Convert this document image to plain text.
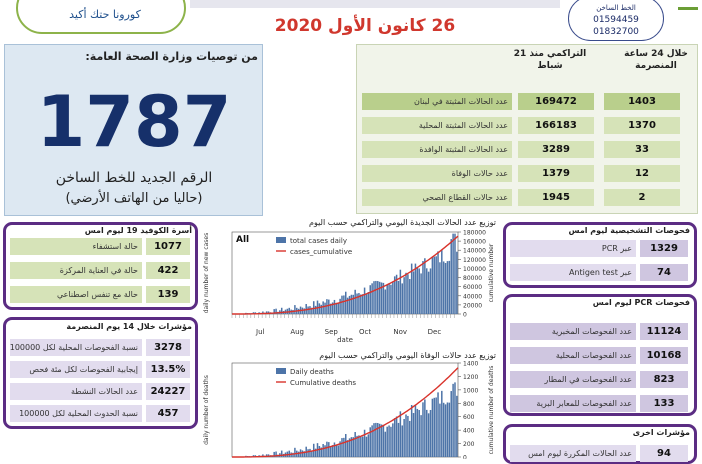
كورونا حتك أكيد
26 كانون الأول 2020
الخط الساخن
01594459
01832700
من توصيات وزارة الصحة العامة:
1787
الرقم الجديد للخط الساخن
(حاليا من الهاتف الأرضي)
خلال 24 ساعة المنصرمة
التراكمي منذ 21 شباط
عدد الحالات المثبتة في لبنان	169472	1403
عدد الحالات المثبتة المحلية	166183	1370
عدد الحالات المثبتة الوافدة	3289	33
عدد حالات الوفاة	1379	12
عدد حالات القطاع الصحي	1945	2
أسرة الكوفيد 19 ليوم امس
مؤشرات خلال 14 يوم المنصرمة
فحوصات التشخيصية ليوم امس
فحوصات PCR ليوم امس
مؤشرات اخرى
1077
حالة استشفاء
422
حالة في العناية المركزة
139
حالة مع تنفس اصطناعي
3278
نسبة الفحوصات المحلية لكل 100000
13.5%
إيجابية الفحوصات لكل مئة فحص
24227
عدد الحالات النشطة
457
نسبة الحدوث المحلية لكل 100000
1329
عبر PCR
74
عبر Antigen test
11124
عدد الفحوصات المخبرية
10168
عدد الفحوصات المحلية
823
عدد الفحوصات في المطار
133
عدد الفحوصات للمعابر البرية
94
عدد الحالات المكررة ليوم امس
توزيع عدد الحالات الجديدة اليومي والتراكمي حسب اليوم
0
20000
40000
60000
80000
100000
120000
140000
160000
180000
daily number of new cases	cumulative number
total cases daily
cases_cumulative
All
Jul	Aug	Sep	Oct	Nov	Dec
date
توزيع عدد حالات الوفاة اليومي والتراكمي حسب اليوم
0
200
400
600
800
1000
1200
1400
daily number of deaths	cumulative number of deaths
Daily deaths
Cumulative deaths
